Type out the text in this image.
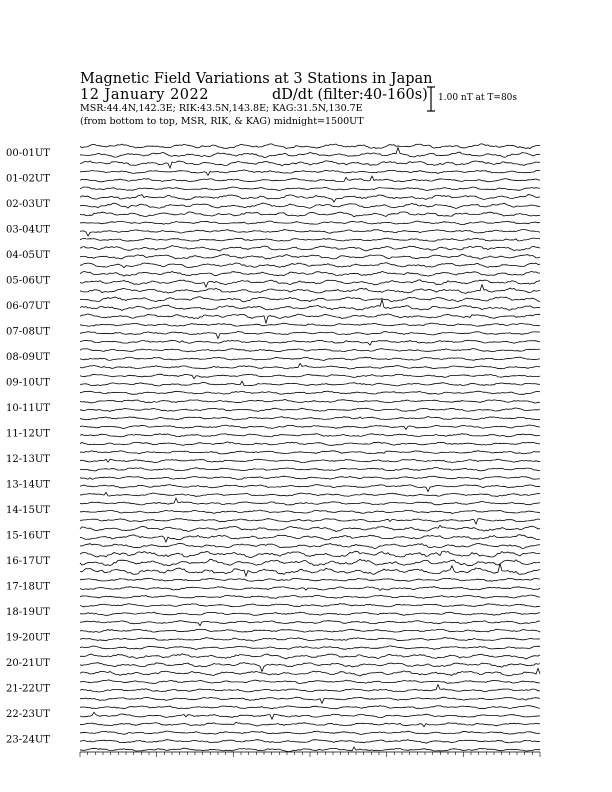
Magnetic Field Variations at 3 Stations in Japan
12 January 2022	dD/dt (filter:40-160s)
MSR:44.4N,142.3E; RIK:43.5N,143.8E; KAG:31.5N,130.7E
(from bottom to top, MSR, RIK, & KAG) midnight=1500UT
1.00 nT at T=80s
00-01UT
01-02UT
02-03UT
03-04UT
04-05UT
05-06UT
06-07UT
07-08UT
08-09UT
09-10UT
10-11UT
11-12UT
12-13UT
13-14UT
14-15UT
15-16UT
16-17UT
17-18UT
18-19UT
19-20UT
20-21UT
21-22UT
22-23UT
23-24UT
